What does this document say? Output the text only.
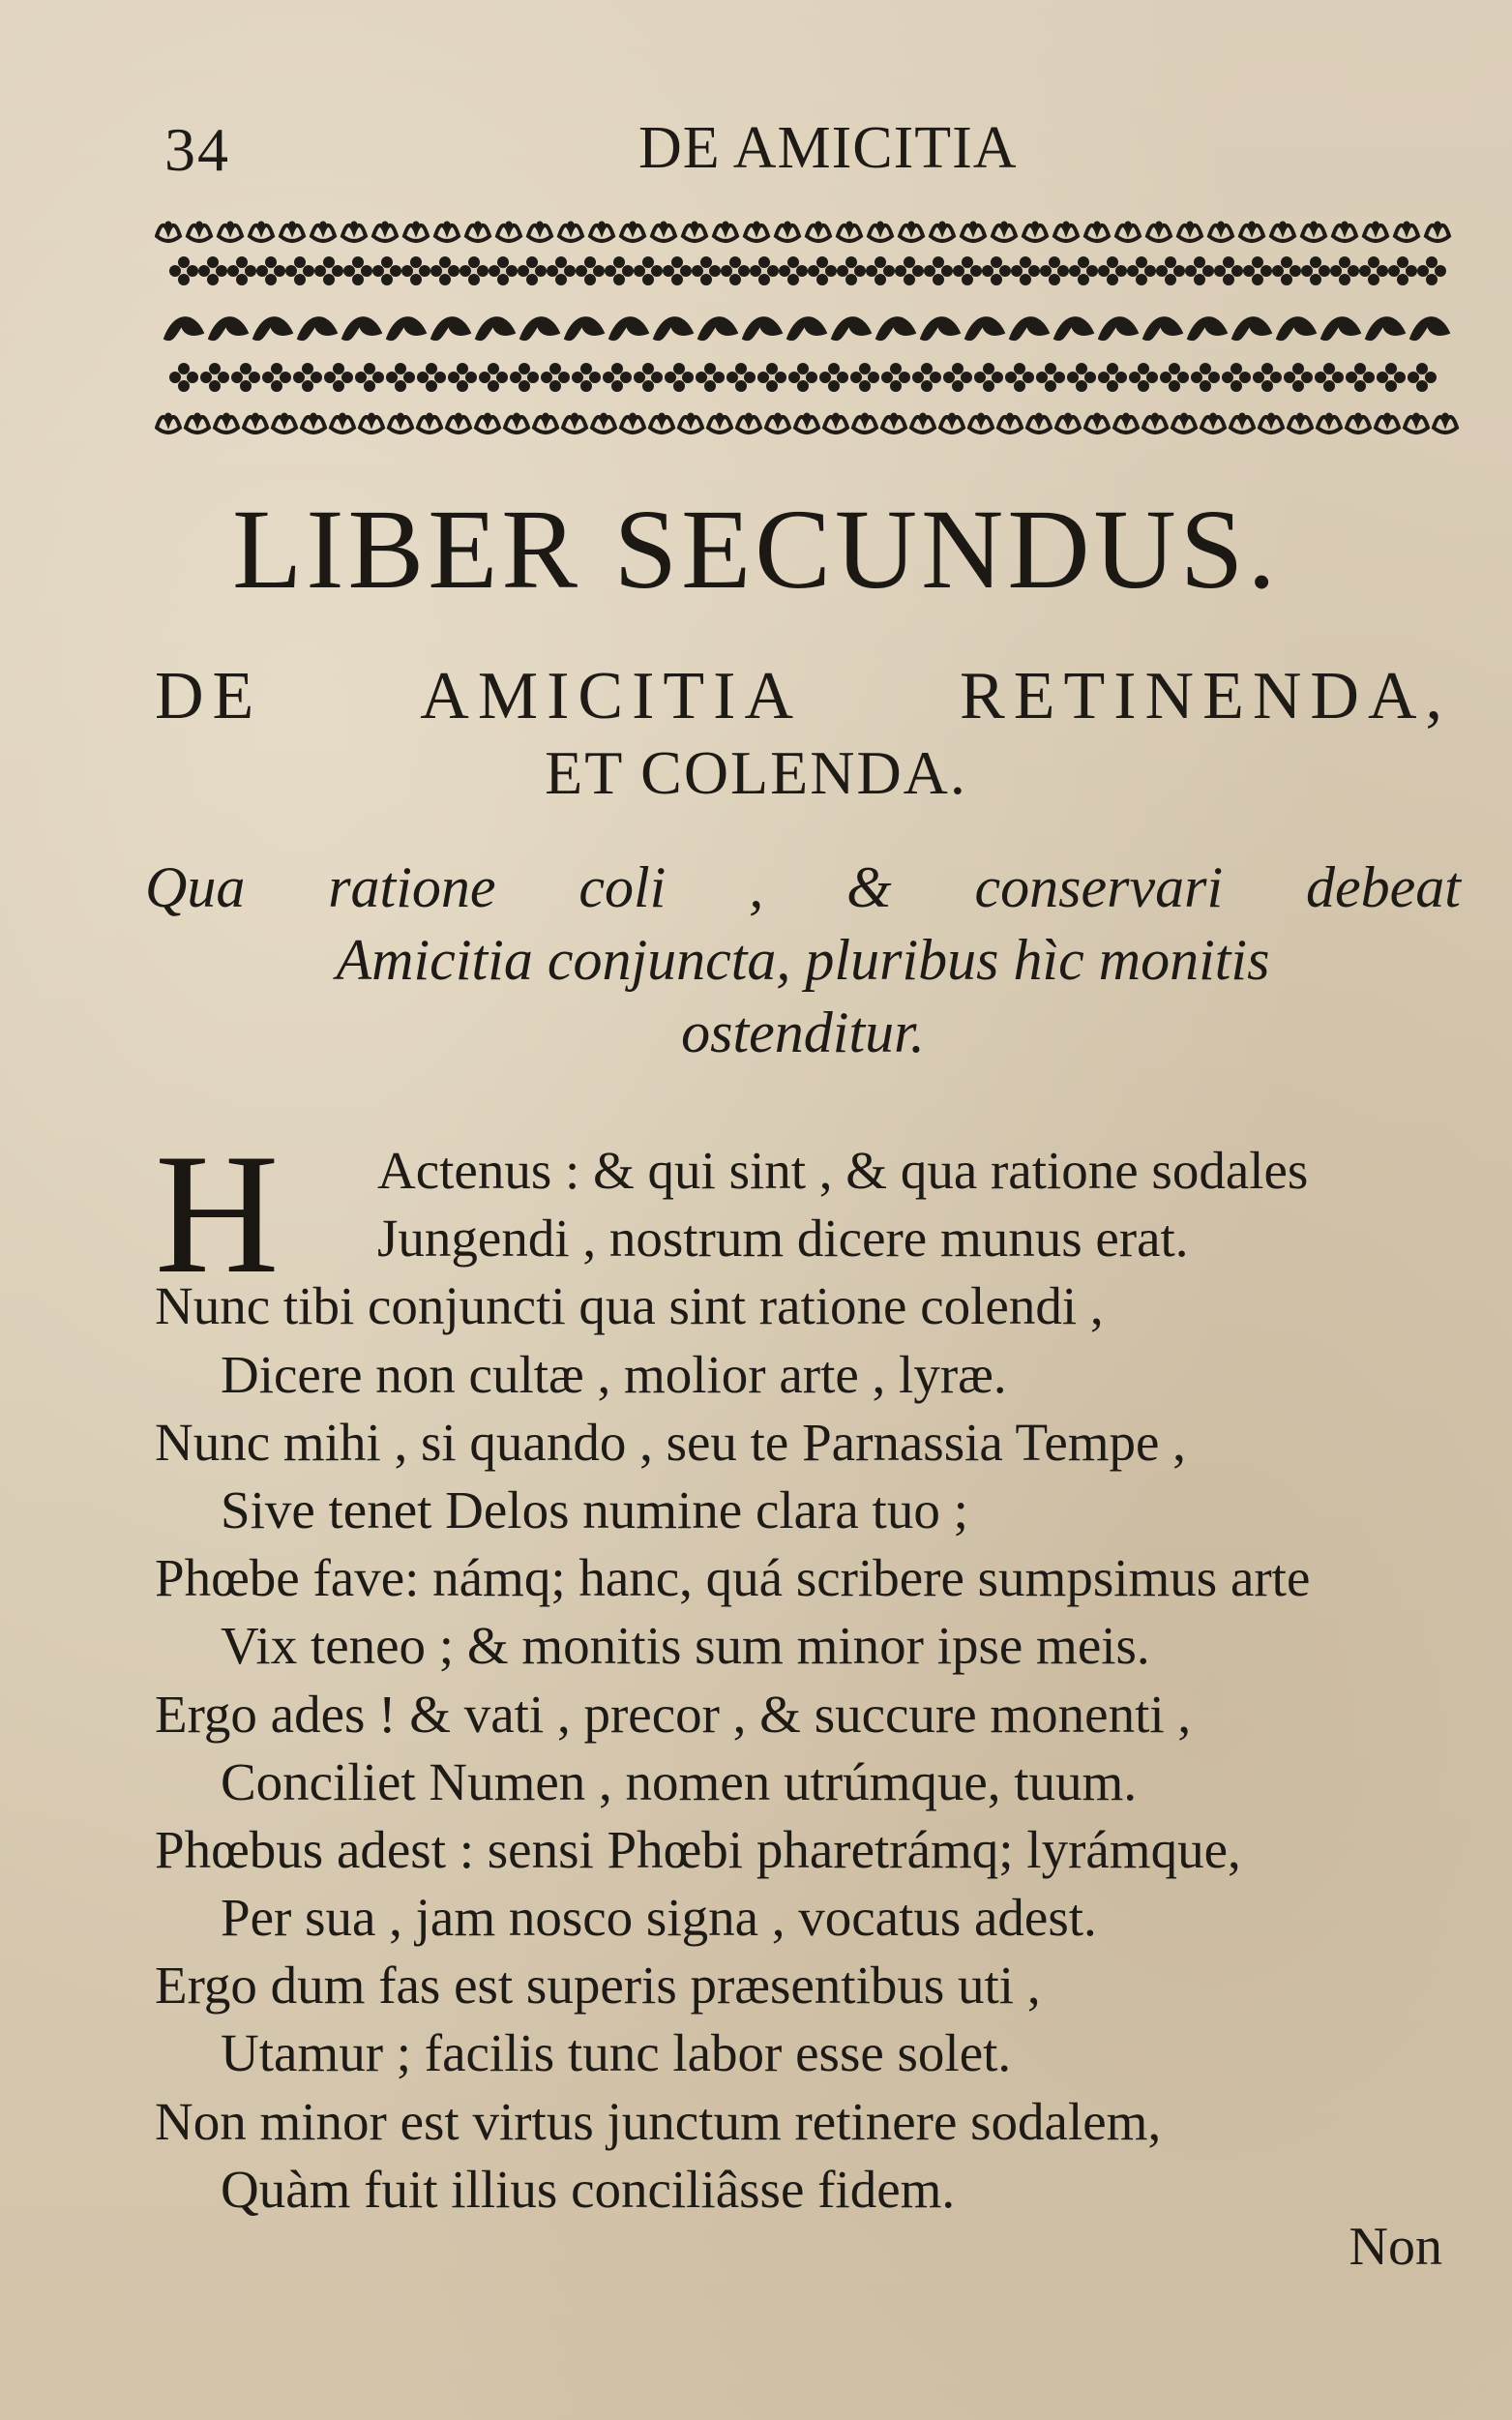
34	DE AMICITIA
LIBER SECUNDUS.
DE AMICITIA RETINENDA,
ET COLENDA.
Qua ratione coli , & conservari debeat
Amicitia conjuncta, pluribus hìc monitis
ostenditur.
H	Actenus : & qui sint , & qua ratione sodales
Jungendi , nostrum dicere munus erat.
Nunc tibi conjuncti qua sint ratione colendi ,
Dicere non cultæ , molior arte , lyræ.
Nunc mihi , si quando , seu te Parnassia Tempe ,
Sive tenet Delos numine clara tuo ;
Phœbe fave: námq; hanc, quá scribere sumpsimus arte
Vix teneo ; & monitis sum minor ipse meis.
Ergo ades ! & vati , precor , & succure monenti ,
Conciliet Numen , nomen utrúmque, tuum.
Phœbus adest : sensi Phœbi pharetrámq; lyrámque,
Per sua , jam nosco signa , vocatus adest.
Ergo dum fas est superis præsentibus uti ,
Utamur ; facilis tunc labor esse solet.
Non minor est virtus junctum retinere sodalem,
Quàm fuit illius conciliâsse fidem.
Non
